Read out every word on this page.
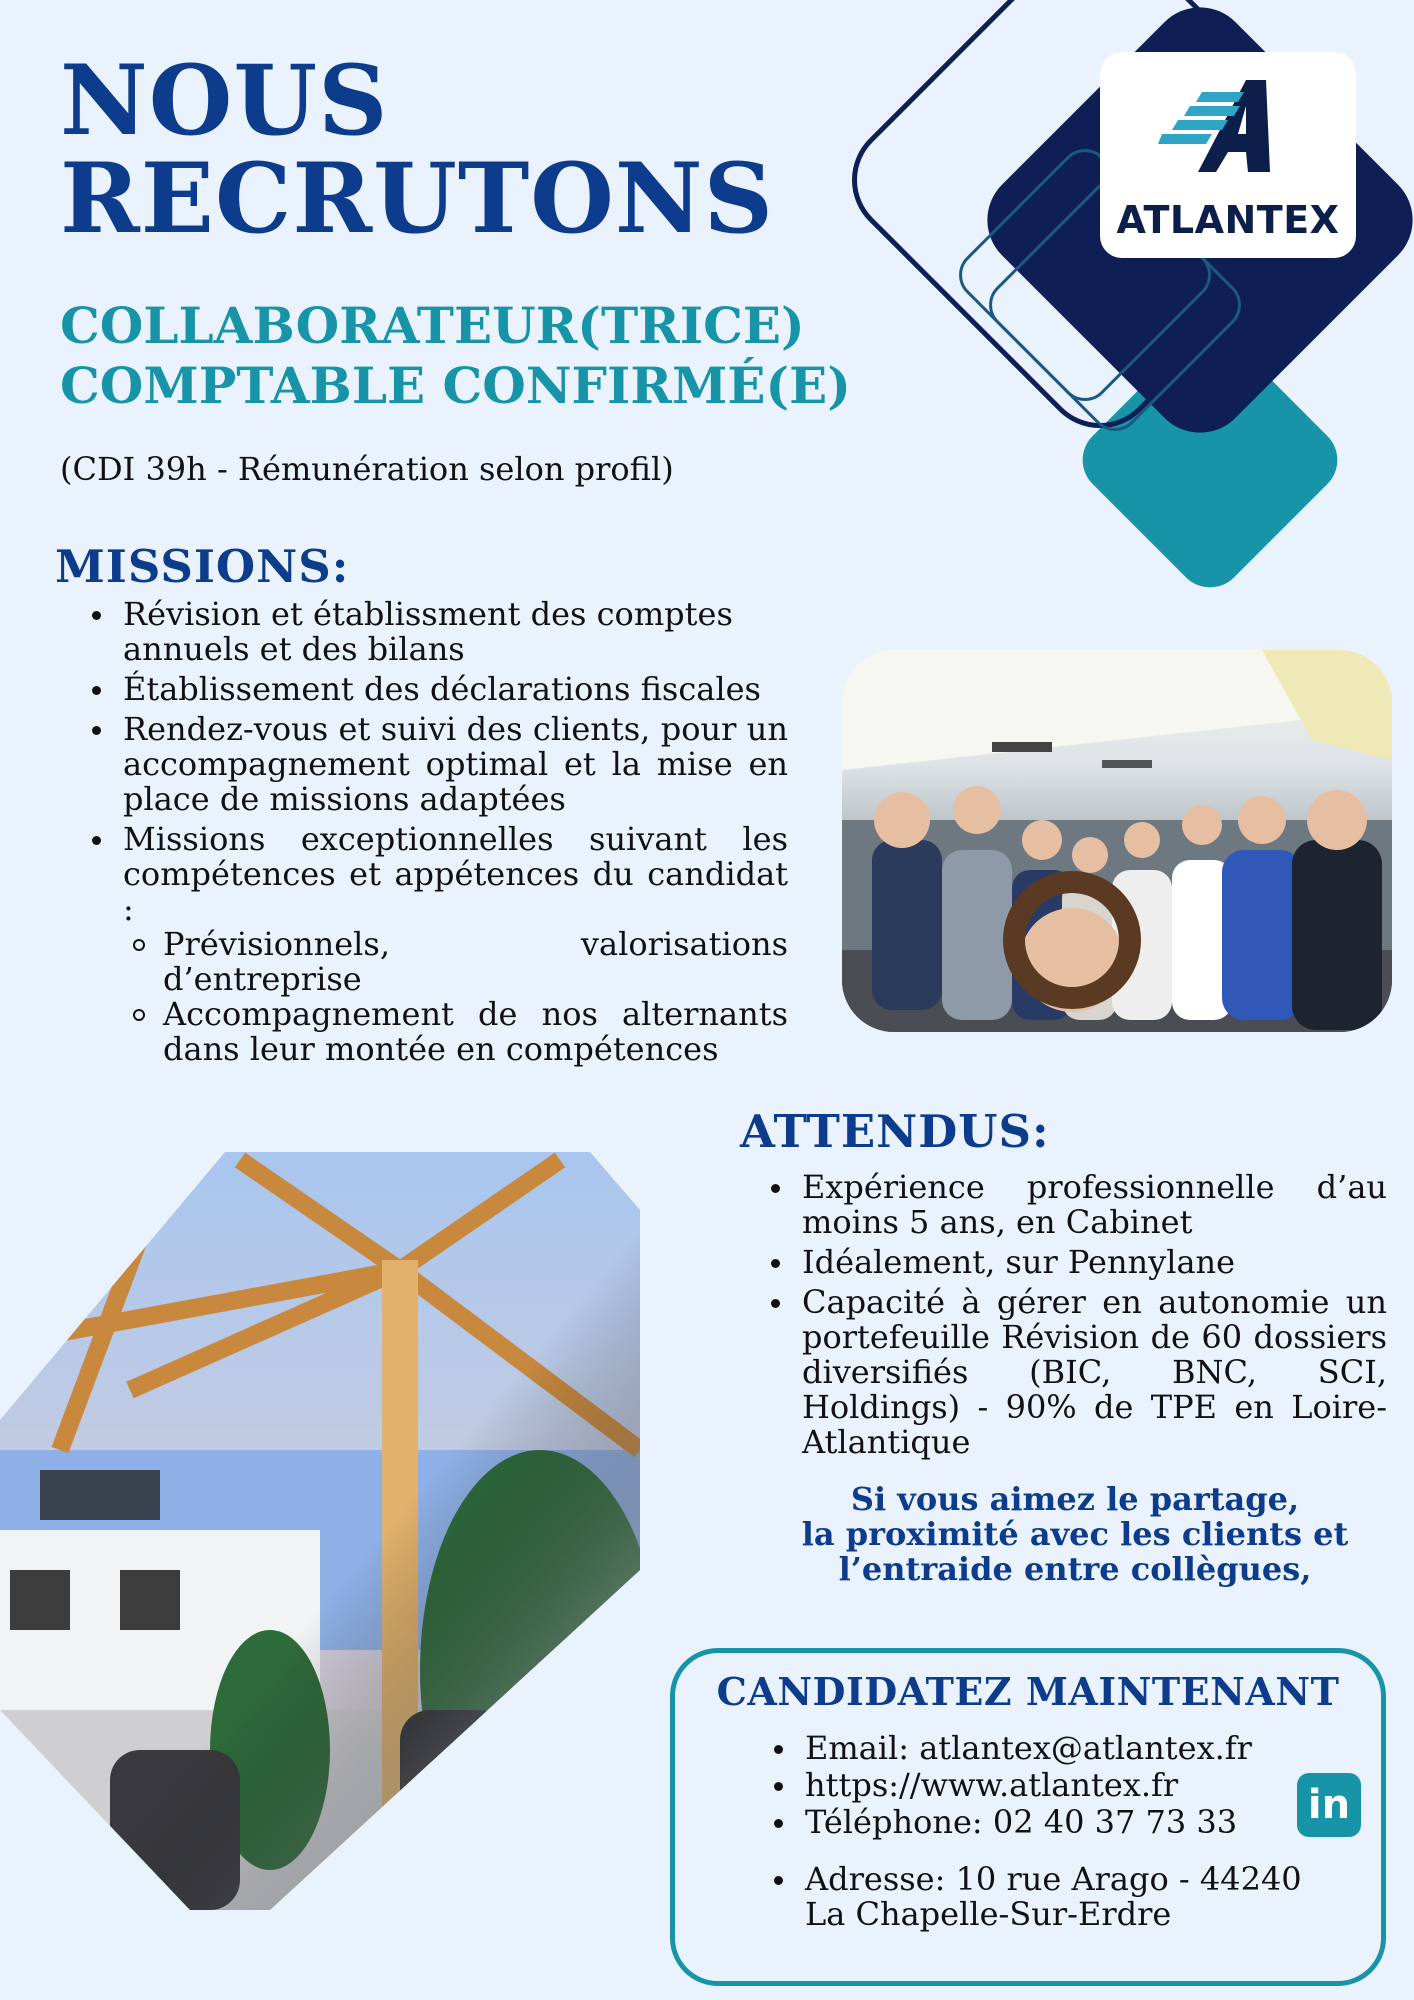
ATLANTEX
NOUS
RECRUTONS
COLLABORATEUR(TRICE)
COMPTABLE CONFIRMÉ(E)

(CDI 39h - Rémunération selon profil)

MISSIONS:
Révision et établissment des comptes annuels et des bilans
Établissement des déclarations fiscales
Rendez-vous et suivi des clients, pour un accompagnement optimal et la mise en place de missions adaptées
Missions exceptionnelles suivant les compétences et appétences du candidat :
Prévisionnels, valorisations d’entreprise
Accompagnement de nos alternants dans leur montée en compétences
ATTENDUS:
Expérience professionnelle d’au moins 5 ans, en Cabinet
Idéalement, sur Pennylane
Capacité à gérer en autonomie un portefeuille Révision de 60 dossiers diversifiés (BIC, BNC, SCI, Holdings) - 90% de TPE en Loire-Atlantique

Si vous aimez le partage,
la proximité avec les clients et
l’entraide entre collègues,

CANDIDATEZ MAINTENANT
Email: atlantex@atlantex.fr
https://www.atlantex.fr
Téléphone: 02 40 37 73 33
Adresse: 10 rue Arago - 44240
La Chapelle-Sur-Erdre
in
